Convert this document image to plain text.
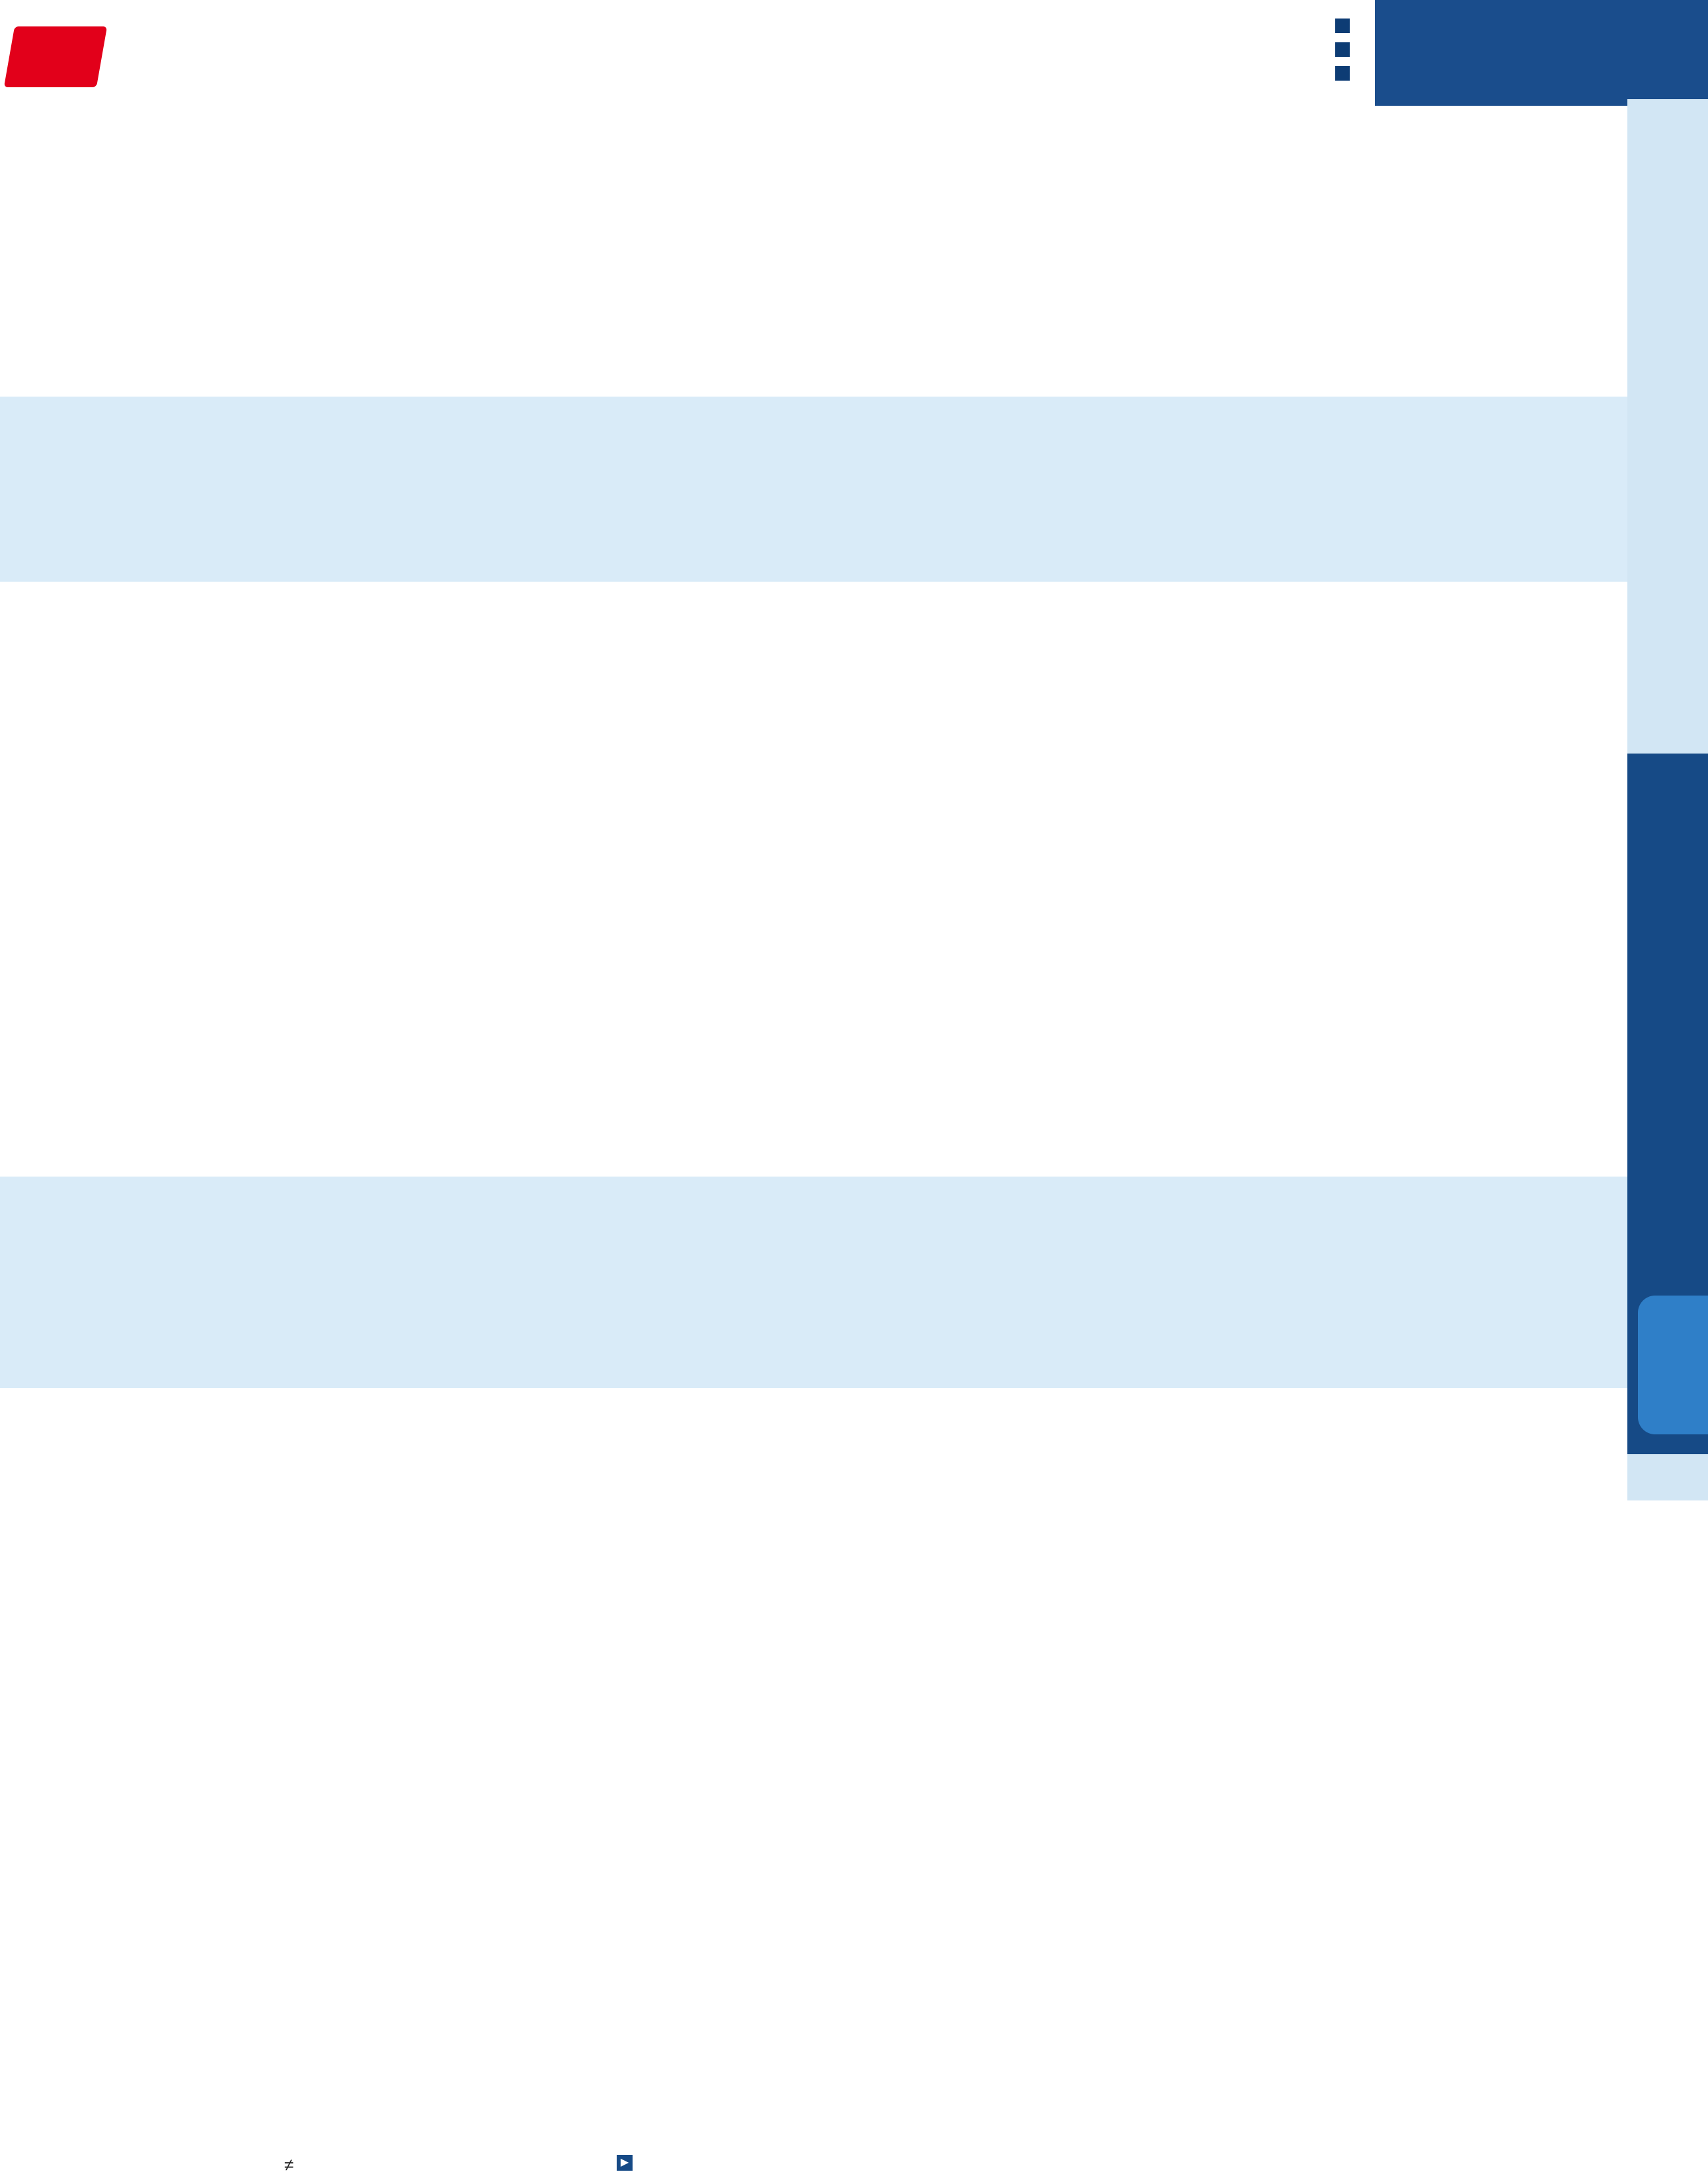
≠	▶
